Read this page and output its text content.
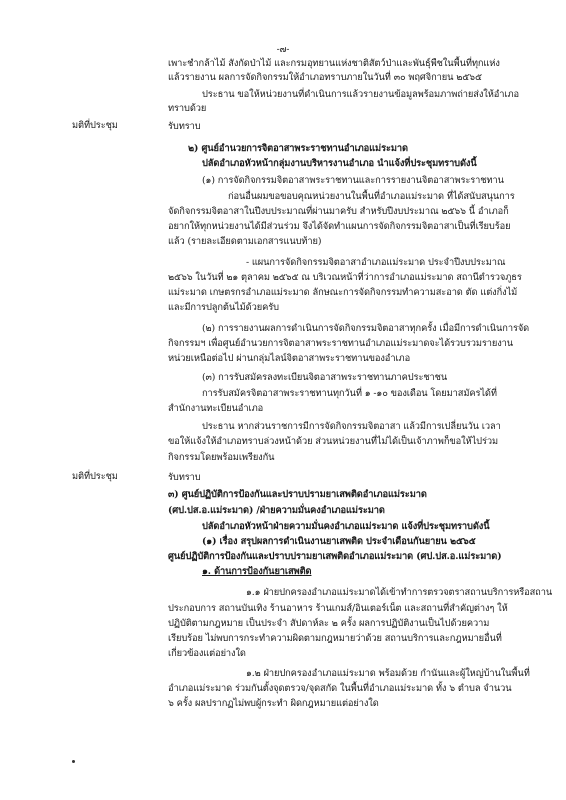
-๗-
เพาะชำกล้าไม้ สังกัดป่าไม้ และกรมอุทยานแห่งชาติสัตว์ป่าและพันธุ์พืชในพื้นที่ทุกแห่ง
แล้วรายงาน ผลการจัดกิจกรรมให้อำเภอทราบภายในวันที่ ๓๐ พฤศจิกายน ๒๕๖๕
ประธาน ขอให้หน่วยงานที่ดำเนินการแล้วรายงานข้อมูลพร้อมภาพถ่ายส่งให้อำเภอ
ทราบด้วย
มติที่ประชุม	รับทราบ
๒) ศูนย์อำนวยการจิตอาสาพระราชทานอำเภอแม่ระมาด
ปลัดอำเภอหัวหน้ากลุ่มงานบริหารงานอำเภอ นำแจ้งที่ประชุมทราบดังนี้
(๑) การจัดกิจกรรมจิตอาสาพระราชทานและการรายงานจิตอาสาพระราชทาน
ก่อนอื่นผมขอขอบคุณหน่วยงานในพื้นที่อำเภอแม่ระมาด ที่ได้สนับสนุนการ
จัดกิจกรรมจิตอาสาในปีงบประมาณที่ผ่านมาครับ สำหรับปีงบประมาณ ๒๕๖๖ นี้ อำเภอก็
อยากให้ทุกหน่วยงานได้มีส่วนร่วม จึงได้จัดทำแผนการจัดกิจกรรมจิตอาสาเป็นที่เรียบร้อย
แล้ว (รายละเอียดตามเอกสารแนบท้าย)
- แผนการจัดกิจกรรมจิตอาสาอำเภอแม่ระมาด ประจำปีงบประมาณ
๒๕๖๖ ในวันที่ ๒๑ ตุลาคม ๒๕๖๕ ณ บริเวณหน้าที่ว่าการอำเภอแม่ระมาด สถานีตำรวจภูธร
แม่ระมาด เกษตรกรอำเภอแม่ระมาด ลักษณะการจัดกิจกรรมทำความสะอาด ตัด แต่งกิ่งไม้
และมีการปลูกต้นไม้ด้วยครับ
(๒) การรายงานผลการดำเนินการจัดกิจกรรมจิตอาสาทุกครั้ง เมื่อมีการดำเนินการจัด
กิจกรรมฯ เพื่อศูนย์อำนวยการจิตอาสาพระราชทานอำเภอแม่ระมาดจะได้รวบรวมรายงาน
หน่วยเหนือต่อไป ผ่านกลุ่มไลน์จิตอาสาพระราชทานของอำเภอ
(๓) การรับสมัครลงทะเบียนจิตอาสาพระราชทานภาคประชาชน
การรับสมัครจิตอาสาพระราชทานทุกวันที่ ๑ -๑๐ ของเดือน โดยมาสมัครได้ที่
สำนักงานทะเบียนอำเภอ
ประธาน หากส่วนราชการมีการจัดกิจกรรมจิตอาสา แล้วมีการเปลี่ยนวัน เวลา
ขอให้แจ้งให้อำเภอทราบล่วงหน้าด้วย ส่วนหน่วยงานที่ไม่ได้เป็นเจ้าภาพก็ขอให้ไปร่วม
กิจกรรมโดยพร้อมเพรียงกัน
มติที่ประชุม	รับทราบ
๓) ศูนย์ปฏิบัติการป้องกันและปราบปรามยาเสพติดอำเภอแม่ระมาด
(ศป.ปส.อ.แม่ระมาด) /ฝ่ายความมั่นคงอำเภอแม่ระมาด
ปลัดอำเภอหัวหน้าฝ่ายความมั่นคงอำเภอแม่ระมาด แจ้งที่ประชุมทราบดังนี้
(๑) เรื่อง สรุปผลการดำเนินงานยาเสพติด ประจำเดือนกันยายน ๒๕๖๕
ศูนย์ปฏิบัติการป้องกันและปราบปรามยาเสพติดอำเภอแม่ระมาด (ศป.ปส.อ.แม่ระมาด)
๑. ด้านการป้องกันยาเสพติด
๑.๑ ฝ่ายปกครองอำเภอแม่ระมาดได้เข้าทำการตรวจตราสถานบริการหรือสถาน
ประกอบการ สถานบันเทิง ร้านอาหาร ร้านเกมส์/อินเตอร์เน็ต และสถานที่สำคัญต่างๆ ให้
ปฏิบัติตามกฎหมาย เป็นประจำ สัปดาห์ละ ๒ ครั้ง ผลการปฏิบัติงานเป็นไปด้วยความ
เรียบร้อย ไม่พบการกระทำความผิดตามกฎหมายว่าด้วย สถานบริการและกฎหมายอื่นที่
เกี่ยวข้องแต่อย่างใด
๑.๒ ฝ่ายปกครองอำเภอแม่ระมาด พร้อมด้วย กำนันและผู้ใหญ่บ้านในพื้นที่
อำเภอแม่ระมาด ร่วมกันตั้งจุดตรวจ/จุดสกัด ในพื้นที่อำเภอแม่ระมาด ทั้ง ๖ ตำบล จำนวน
๖ ครั้ง ผลปรากฏไม่พบผู้กระทำ ผิดกฎหมายแต่อย่างใด
